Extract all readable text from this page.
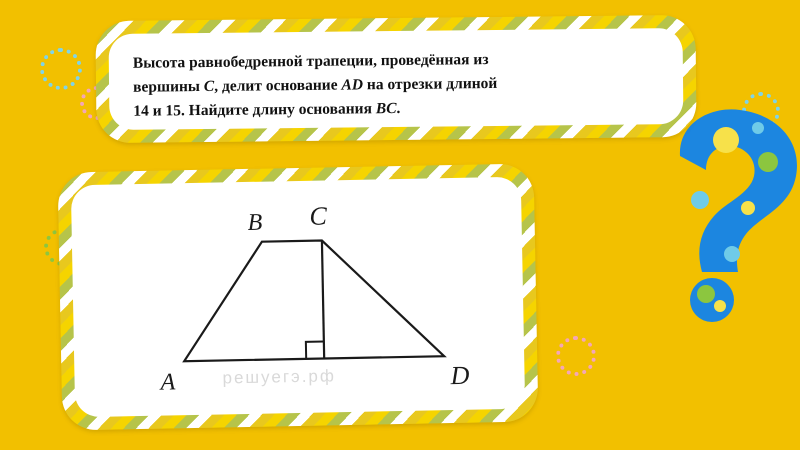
Высота равнобедренной трапеции, проведённая из
вершины C, делит основание AD на отрезки длиной
14 и 15. Найдите длину основания BC.
B C
A	D
решуегэ.рф
